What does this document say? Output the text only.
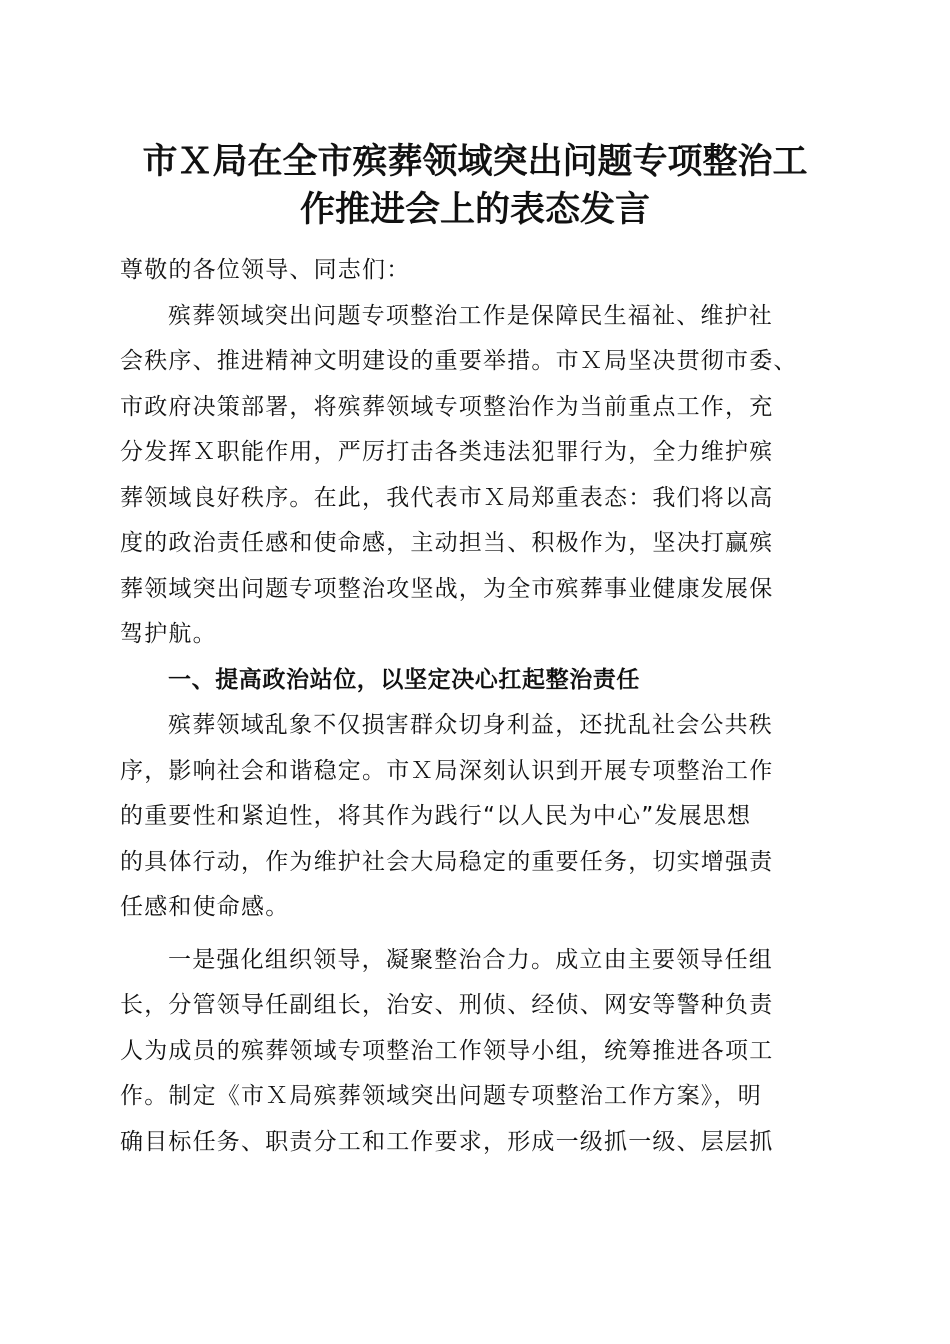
市Ｘ局在全市殡葬领域突出问题专项整治工
作推进会上的表态发言
尊敬的各位领导、同志们：
殡葬领域突出问题专项整治工作是保障民生福祉、维护社
会秩序、推进精神文明建设的重要举措。市Ｘ局坚决贯彻市委、
市政府决策部署，将殡葬领域专项整治作为当前重点工作，充
分发挥Ｘ职能作用，严厉打击各类违法犯罪行为，全力维护殡
葬领域良好秩序。在此，我代表市Ｘ局郑重表态：我们将以高
度的政治责任感和使命感，主动担当、积极作为，坚决打赢殡
葬领域突出问题专项整治攻坚战，为全市殡葬事业健康发展保
驾护航。
一、提高政治站位，以坚定决心扛起整治责任
殡葬领域乱象不仅损害群众切身利益，还扰乱社会公共秩
序，影响社会和谐稳定。市Ｘ局深刻认识到开展专项整治工作
的重要性和紧迫性，将其作为践行“以人民为中心”发展思想
的具体行动，作为维护社会大局稳定的重要任务，切实增强责
任感和使命感。
一是强化组织领导，凝聚整治合力。成立由主要领导任组
长，分管领导任副组长，治安、刑侦、经侦、网安等警种负责
人为成员的殡葬领域专项整治工作领导小组，统筹推进各项工
作。制定《市Ｘ局殡葬领域突出问题专项整治工作方案》，明
确目标任务、职责分工和工作要求，形成一级抓一级、层层抓
